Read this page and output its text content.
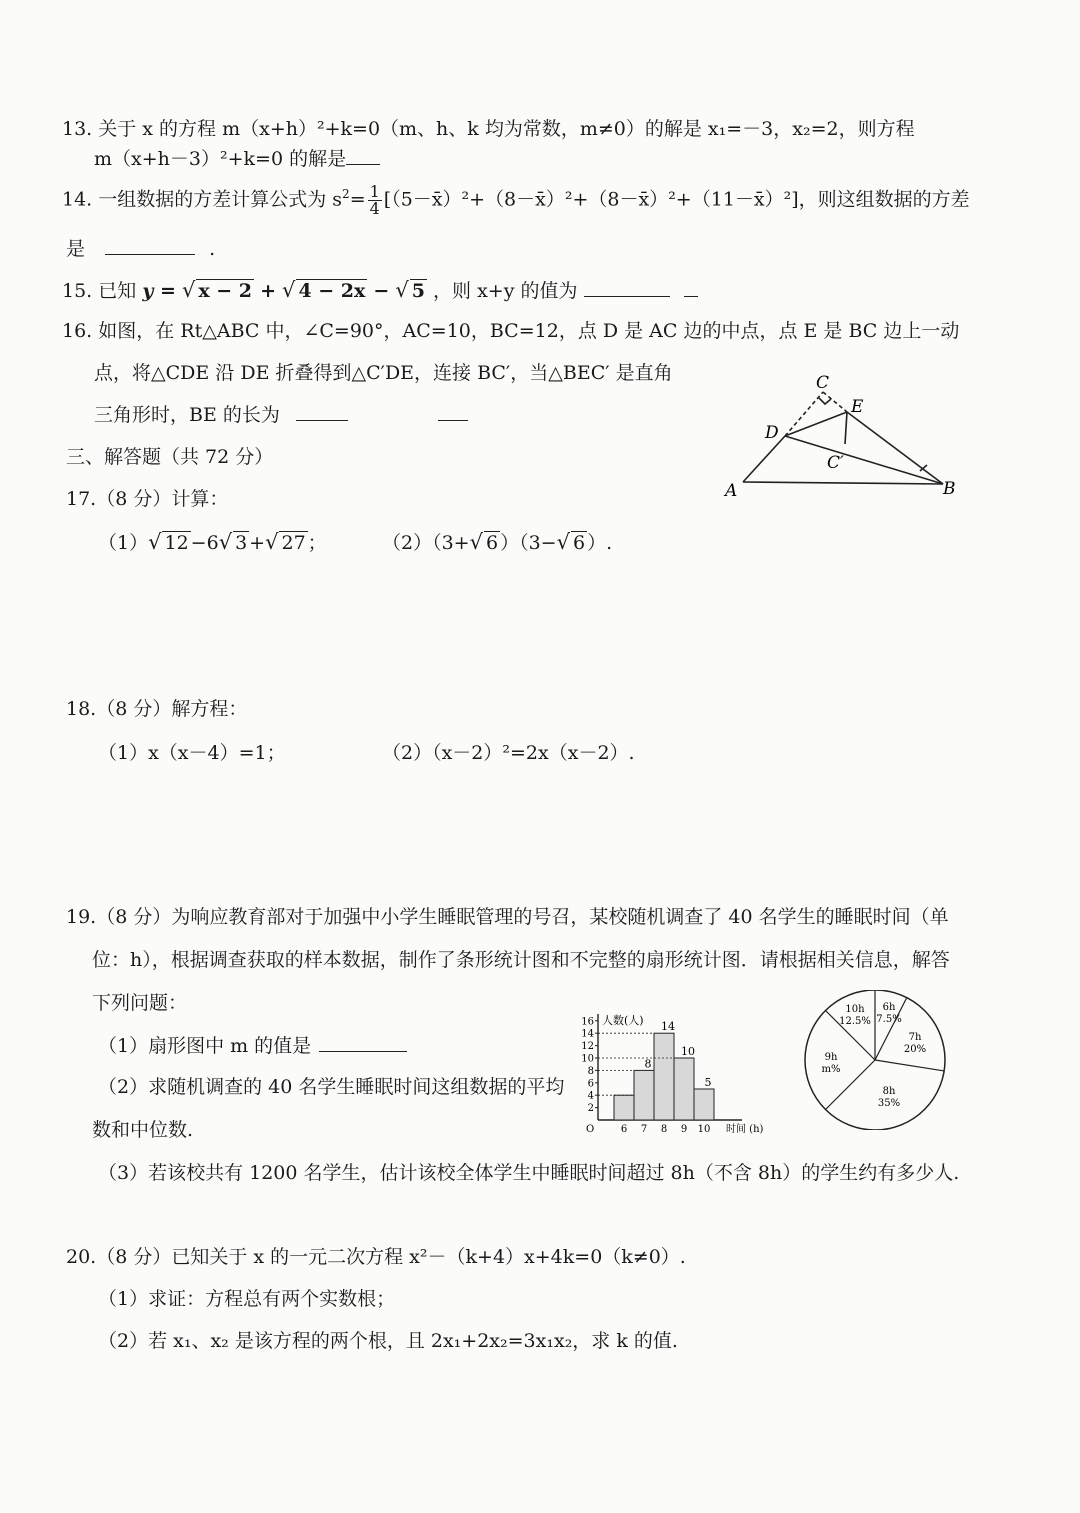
13. 关于 x 的方程 m（x+h）²+k=0（m、h、k 均为常数，m≠0）的解是 x₁=－3，x₂=2，则方程
m（x+h－3）²+k=0 的解是
14. 一组数据的方差计算公式为 $s^2= \frac{1}{4}$ [（5－x̄）²+（8－x̄）²+（8－x̄）²+（11－x̄）²]，则这组数据的方差
是	.
15. 已知 y = √ x − 2 + √ 4 − 2x − √ 5 ，则 x+y 的值为
16. 如图，在 Rt△ABC 中，∠C=90°，AC=10，BC=12，点 D 是 AC 边的中点，点 E 是 BC 边上一动
点，将△CDE 沿 DE 折叠得到△C′DE，连接 BC′，当△BEC′ 是直角
三角形时，BE 的长为
A	B
C
D
E
C′
三、解答题（共 72 分）
17.（8 分）计算：
（1）√ 12 −6√ 3 +√ 27 ；	（2）（3+√ 6 ）（3−√ 6 ）.
18.（8 分）解方程：
（1）x（x－4）=1；	（2）（x－2）²=2x（x－2）.
19.（8 分）为响应教育部对于加强中小学生睡眠管理的号召，某校随机调查了 40 名学生的睡眠时间（单
位：h），根据调查获取的样本数据，制作了条形统计图和不完整的扇形统计图．请根据相关信息，解答
下列问题：
（1）扇形图中 m 的值是
（2）求随机调查的 40 名学生睡眠时间这组数据的平均
数和中位数.
（3）若该校共有 1200 名学生，估计该校全体学生中睡眠时间超过 8h（不含 8h）的学生约有多少人.
人数(人)
时间 (h)
O
2
4
6
8
10
12
14
16
8
14
10
5
6 7 8 9 10
6h
7.5%
7h
20%
8h
35%
9h
m%
10h
12.5%
20.（8 分）已知关于 x 的一元二次方程 x²－（k+4）x+4k=0（k≠0）.
（1）求证：方程总有两个实数根；
（2）若 x₁、x₂ 是该方程的两个根，且 2x₁+2x₂=3x₁x₂，求 k 的值.
